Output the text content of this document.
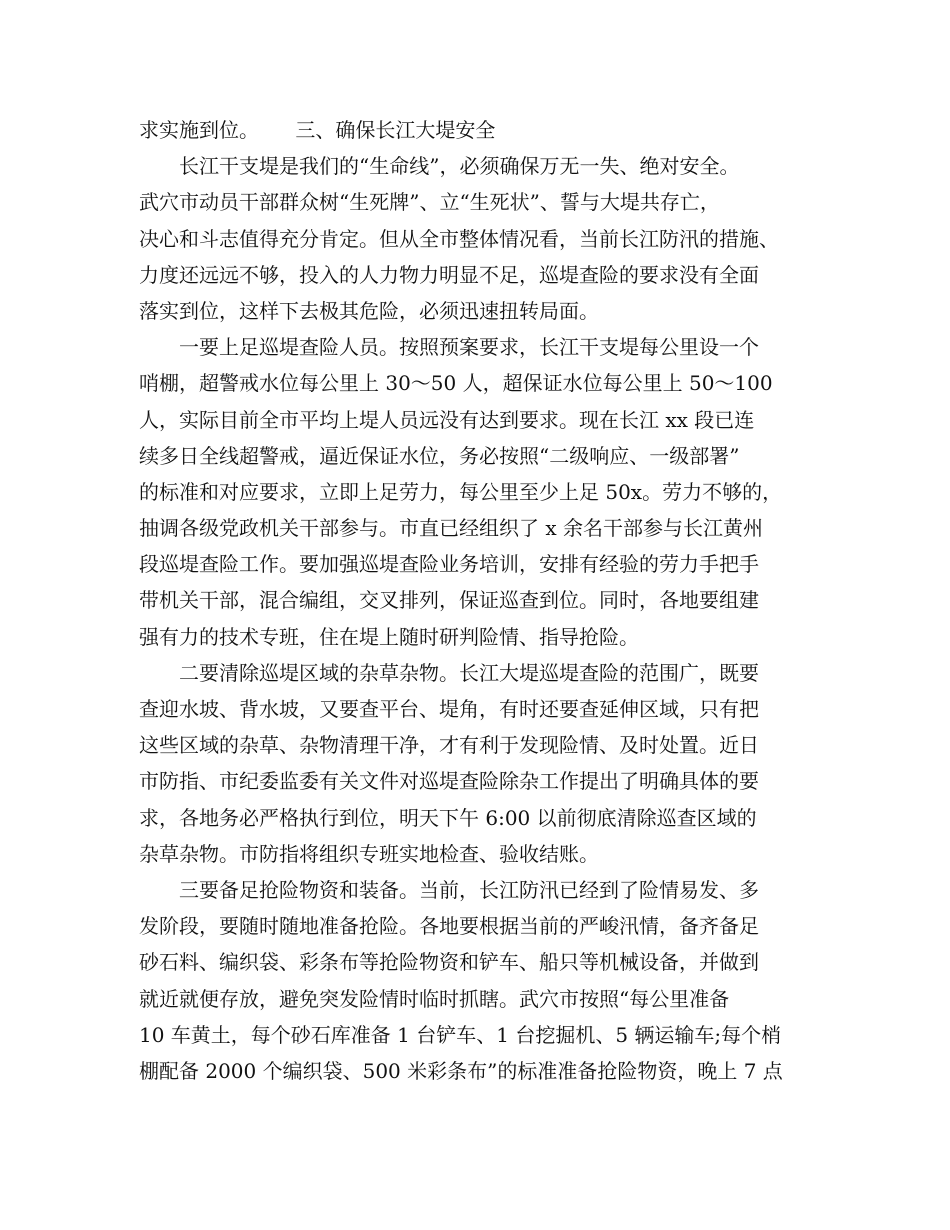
求实施到位。　　 三、确保长江大堤安全
长江干支堤是我们的“生命线”，必须确保万无一失、绝对安全。
武穴市动员干部群众树“生死牌”、立“生死状”、誓与大堤共存亡，
决心和斗志值得充分肯定。但从全市整体情况看，当前长江防汛的措施、
力度还远远不够，投入的人力物力明显不足，巡堤查险的要求没有全面
落实到位，这样下去极其危险，必须迅速扭转局面。
一要上足巡堤查险人员。按照预案要求，长江干支堤每公里设一个
哨棚，超警戒水位每公里上 30～50 人，超保证水位每公里上 50～100
人，实际目前全市平均上堤人员远没有达到要求。现在长江 xx 段已连
续多日全线超警戒，逼近保证水位，务必按照“二级响应、一级部署”
的标准和对应要求，立即上足劳力，每公里至少上足 50x。劳力不够的，
抽调各级党政机关干部参与。市直已经组织了 x 余名干部参与长江黄州
段巡堤查险工作。要加强巡堤查险业务培训，安排有经验的劳力手把手
带机关干部，混合编组，交叉排列，保证巡查到位。同时，各地要组建
强有力的技术专班，住在堤上随时研判险情、指导抢险。
二要清除巡堤区域的杂草杂物。长江大堤巡堤查险的范围广，既要
查迎水坡、背水坡，又要查平台、堤角，有时还要查延伸区域，只有把
这些区域的杂草、杂物清理干净，才有利于发现险情、及时处置。近日
市防指、市纪委监委有关文件对巡堤查险除杂工作提出了明确具体的要
求，各地务必严格执行到位，明天下午 6:00 以前彻底清除巡查区域的
杂草杂物。市防指将组织专班实地检查、验收结账。
三要备足抢险物资和装备。当前，长江防汛已经到了险情易发、多
发阶段，要随时随地准备抢险。各地要根据当前的严峻汛情，备齐备足
砂石料、编织袋、彩条布等抢险物资和铲车、船只等机械设备，并做到
就近就便存放，避免突发险情时临时抓瞎。武穴市按照“每公里准备
10 车黄土，每个砂石库准备 1 台铲车、1 台挖掘机、5 辆运输车;每个梢
棚配备 2000 个编织袋、500 米彩条布”的标准准备抢险物资，晚上 7 点
